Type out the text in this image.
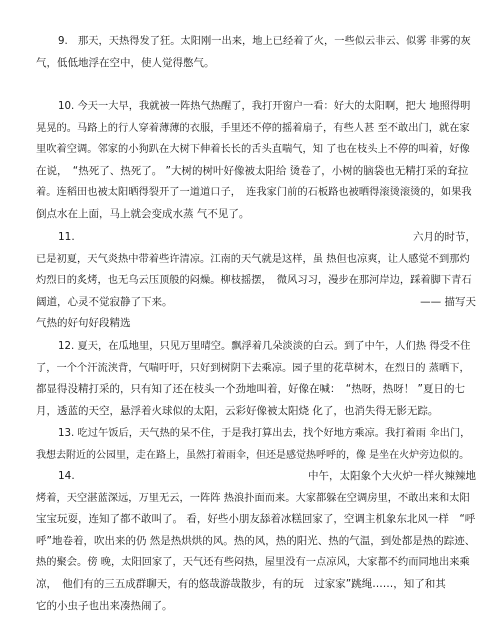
9.　那天，天热得发了狂。太阳刚一出来，地上已经着了火，一些似云非云、似雾 非雾的灰
气，低低地浮在空中，使人觉得憋气。
10. 今天一大早，我就被一阵热气热醒了，我打开窗户一看：好大的太阳啊，把大 地照得明
晃晃的。马路上的行人穿着薄薄的衣服，手里还不停的摇着扇子，有些人甚 至不敢出门，就在家
里吹着空调。邻家的小狗趴在大树下伸着长长的舌头直喘气，知 了也在枝头上不停的叫着，好像
在说，　“热死了、热死了。 ”大树的树叶好像被太阳给 烫卷了，小树的脑袋也无精打采的耷拉
着。连稻田也被太阳晒得裂开了一道道口子，　连我家门前的石板路也被晒得滚烫滚烫的，如果我
倒点水在上面，马上就会变成水蒸 气不见了。
11.	六月的时节，
已是初夏，天气炎热中带着些许清凉。江南的天气就是这样，虽 热但也凉爽，让人感觉不到那灼
灼烈日的炙烤，也无乌云压顶般的闷燥。柳枝摇摆，　微风习习，漫步在那河岸边，踩着脚下青石
阔道，心灵不觉寂静了下来。	—— 描写天
气热的好句好段精选
12. 夏天，在瓜地里，只见万里晴空。飘浮着几朵淡淡的白云。到了中午，人们热 得受不住
了，一个个汗流浃背，气喘吁吁，只好到树阴下去乘凉。园子里的花草树木，在烈日的 蒸晒下，
都显得没精打采的，只有知了还在枝头一个劲地叫着，好像在喊：　“热呀，热呀！ ”夏日的七
月，透蓝的天空，悬浮着火球似的太阳，云彩好像被太阳烧 化了，也消失得无影无踪。
13. 吃过午饭后，天气热的呆不住，于是我打算出去，找个好地方乘凉。我打着雨 伞出门，
我想去附近的公园里，走在路上，虽然打着雨伞，但还是感觉热呼呼的，像 是坐在火炉旁边似的。
14.	中午，太阳象个大火炉一样火辣辣地
烤着，天空湛蓝深远，万里无云，一阵阵 热浪扑面而来。大家都躲在空调房里，不敢出来和太阳
宝宝玩耍，连知了都不敢叫了。 看，好些小朋友舔着冰糕回家了，空调主机象东北风一样　“呼
呼”地卷着，吹出来的仍 然是热烘烘的风。热的风，热的阳光、热的气温，到处都是热的踪迹、
热的聚会。傍 晚，太阳回家了，天气还有些闷热，屋里没有一点凉风，大家都不约而同地出来乘
凉，　他们有的三五成群聊天，有的悠哉游哉散步，有的玩　过家家”跳绳……，知了和其
它的小虫子也出来凑热闹了。
